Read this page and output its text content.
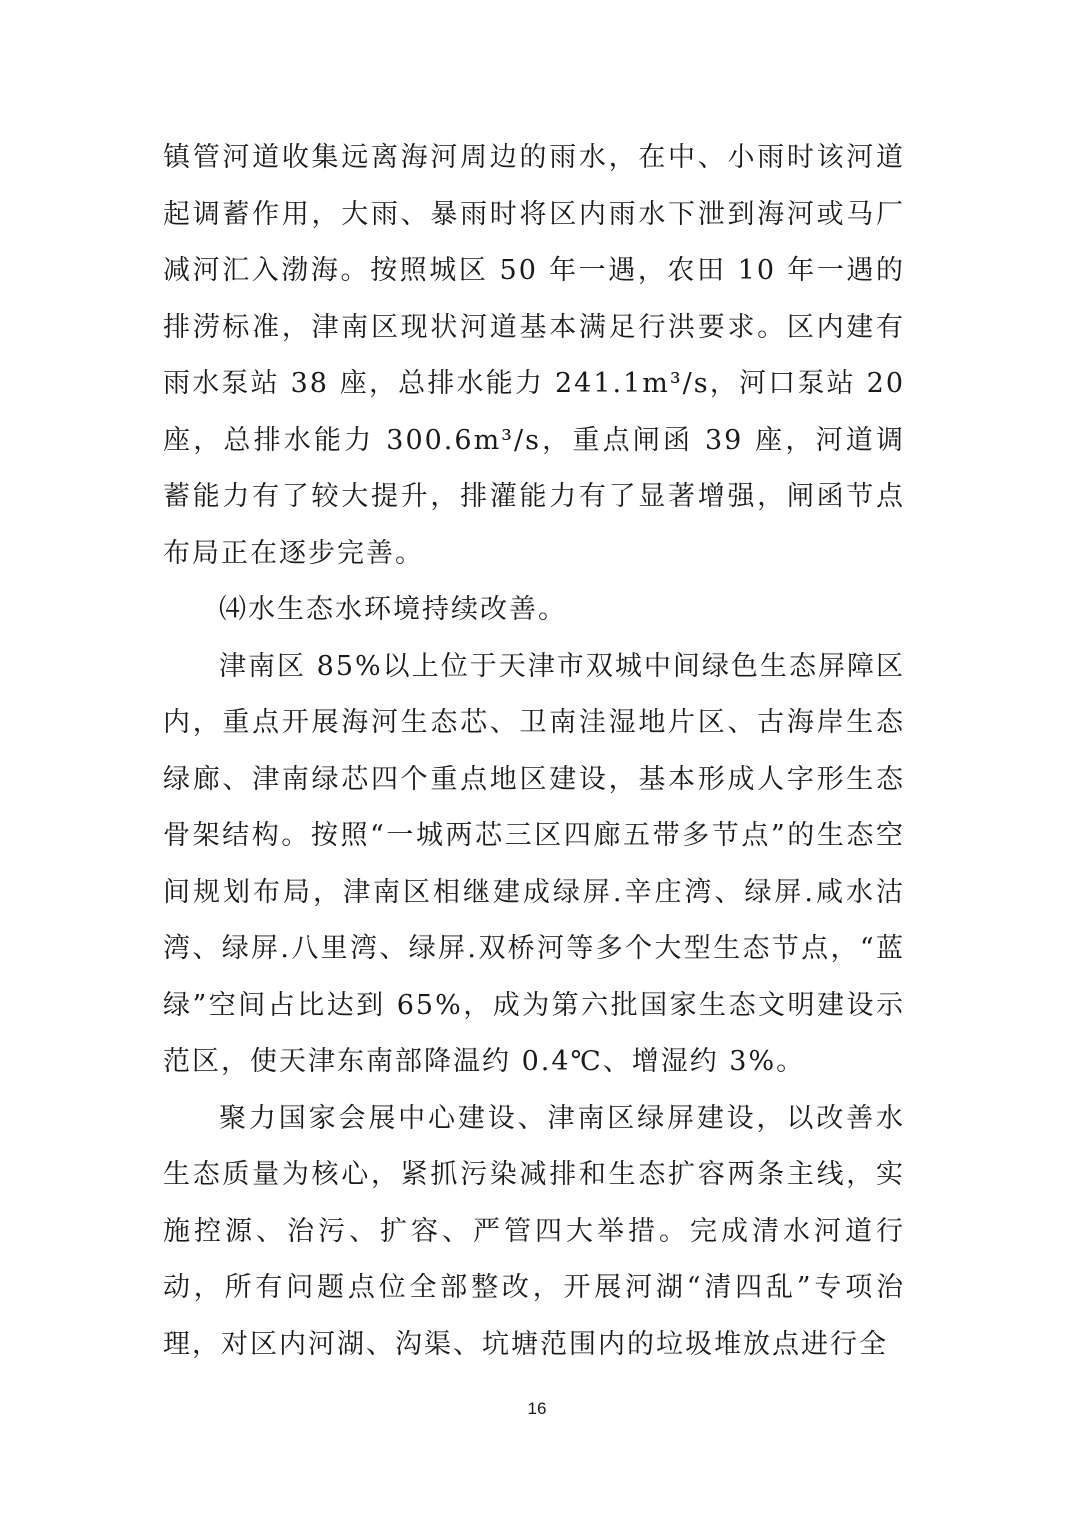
镇管河道收集远离海河周边的雨水，在中、小雨时该河道起调蓄作用，大雨、暴雨时将区内雨水下泄到海河或马厂减河汇入渤海。按照城区 50 年一遇，农田 10 年一遇的排涝标准，津南区现状河道基本满足行洪要求。区内建有雨水泵站 38 座，总排水能力 241.1m³/s，河口泵站 20 座，总排水能力 300.6m³/s，重点闸函 39 座，河道调蓄能力有了较大提升，排灌能力有了显著增强，闸函节点布局正在逐步完善。

⑷水生态水环境持续改善。

津南区 85%以上位于天津市双城中间绿色生态屏障区内，重点开展海河生态芯、卫南洼湿地片区、古海岸生态绿廊、津南绿芯四个重点地区建设，基本形成人字形生态骨架结构。按照“一城两芯三区四廊五带多节点”的生态空间规划布局，津南区相继建成绿屏.辛庄湾、绿屏.咸水沽湾、绿屏.八里湾、绿屏.双桥河等多个大型生态节点，“蓝绿”空间占比达到 65%，成为第六批国家生态文明建设示范区，使天津东南部降温约 0.4℃、增湿约 3%。

聚力国家会展中心建设、津南区绿屏建设，以改善水生态质量为核心，紧抓污染减排和生态扩容两条主线，实施控源、治污、扩容、严管四大举措。完成清水河道行动，所有问题点位全部整改，开展河湖“清四乱”专项治理，对区内河湖、沟渠、坑塘范围内的垃圾堆放点进行全

16
